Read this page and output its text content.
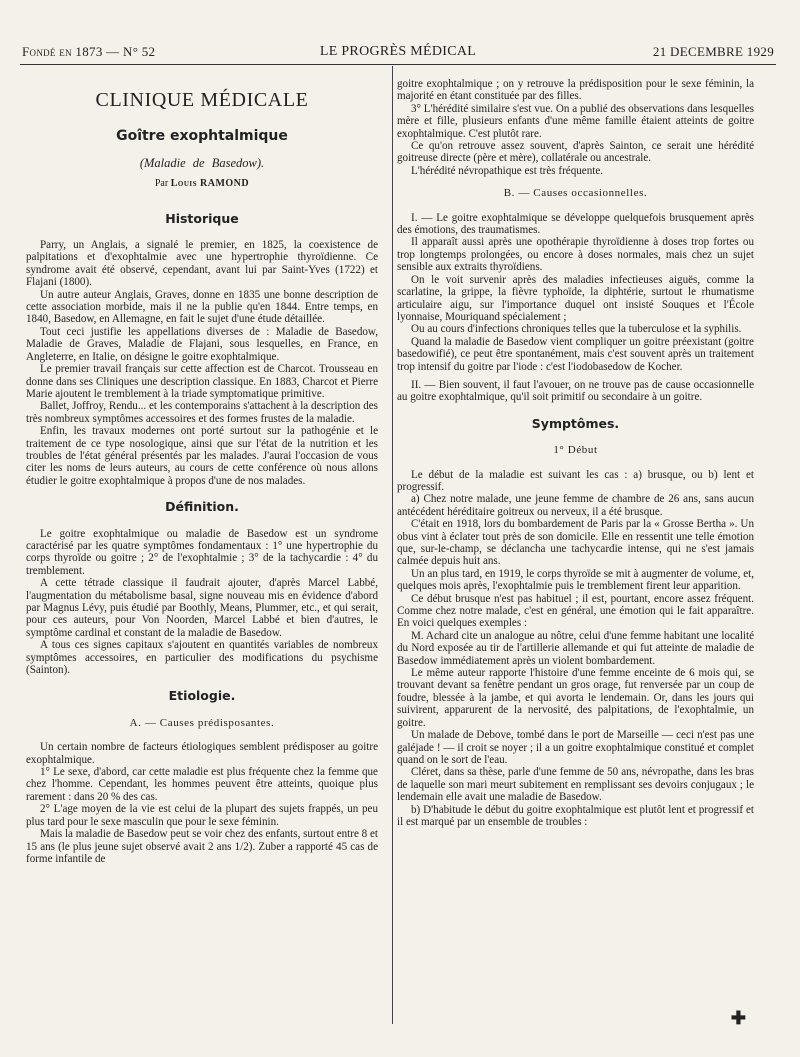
Fondé en 1873 — N° 52	LE PROGRÈS MÉDICAL	21 DECEMBRE 1929
CLINIQUE MÉDICALE
Goître exophtalmique
(Maladie de Basedow).
Par Louis RAMOND
Historique

Parry, un Anglais, a signalé le premier, en 1825, la coexistence de palpitations et d'exophtalmie avec une hypertrophie thyroïdienne. Ce syndrome avait été observé, cependant, avant lui par Saint-Yves (1722) et Flajani (1800).

Un autre auteur Anglais, Graves, donne en 1835 une bonne description de cette association morbide, mais il ne la publie qu'en 1844. Entre temps, en 1840, Basedow, en Allemagne, en fait le sujet d'une étude détaillée.

Tout ceci justifie les appellations diverses de : Maladie de Basedow, Maladie de Graves, Maladie de Flajani, sous lesquelles, en France, en Angleterre, en Italie, on désigne le goitre exophtalmique.

Le premier travail français sur cette affection est de Charcot. Trousseau en donne dans ses Cliniques une description classique. En 1883, Charcot et Pierre Marie ajoutent le tremblement à la triade symptomatique primitive.

Ballet, Joffroy, Rendu... et les contemporains s'attachent à la description des très nombreux symptômes accessoires et des formes frustes de la maladie.

Enfin, les travaux modernes ont porté surtout sur la pathogénie et le traitement de ce type nosologique, ainsi que sur l'état de la nutrition et les troubles de l'état général présentés par les malades. J'aurai l'occasion de vous citer les noms de leurs auteurs, au cours de cette conférence où nous allons étudier le goitre exophtalmique à propos d'une de nos malades.

Définition.

Le goitre exophtalmique ou maladie de Basedow est un syndrome caractérisé par les quatre symptômes fondamentaux : 1° une hypertrophie du corps thyroïde ou goitre ; 2° de l'exophtalmie ; 3° de la tachycardie : 4° du tremblement.

A cette tétrade classique il faudrait ajouter, d'après Marcel Labbé, l'augmentation du métabolisme basal, signe nouveau mis en évidence d'abord par Magnus Lévy, puis étudié par Boothly, Means, Plummer, etc., et qui serait, pour ces auteurs, pour Von Noorden, Marcel Labbé et bien d'autres, le symptôme cardinal et constant de la maladie de Basedow.

A tous ces signes capitaux s'ajoutent en quantités variables de nombreux symptômes accessoires, en particulier des modifications du psychisme (Sainton).

Etiologie.
A. — Causes prédisposantes.

Un certain nombre de facteurs étiologiques semblent prédisposer au goitre exophtalmique.

1° Le sexe, d'abord, car cette maladie est plus fréquente chez la femme que chez l'homme. Cependant, les hommes peuvent être atteints, quoique plus rarement : dans 20 % des cas.

2° L'age moyen de la vie est celui de la plupart des sujets frappés, un peu plus tard pour le sexe masculin que pour le sexe féminin.

Mais la maladie de Basedow peut se voir chez des enfants, surtout entre 8 et 15 ans (le plus jeune sujet observé avait 2 ans 1/2). Zuber a rapporté 45 cas de forme infantile de

goitre exophtalmique ; on y retrouve la prédisposition pour le sexe féminin, la majorité en étant constituée par des filles.

3° L'hérédité similaire s'est vue. On a publié des observations dans lesquelles mère et fille, plusieurs enfants d'une même famille étaient atteints de goitre exophtalmique. C'est plutôt rare.

Ce qu'on retrouve assez souvent, d'après Sainton, ce serait une hérédité goitreuse directe (père et mère), collatérale ou ancestrale.

L'hérédité névropathique est très fréquente.

B. — Causes occasionnelles.

I. — Le goitre exophtalmique se développe quelquefois brusquement après des émotions, des traumatismes.

Il apparaît aussi après une opothérapie thyroïdienne à doses trop fortes ou trop longtemps prolongées, ou encore à doses normales, mais chez un sujet sensible aux extraits thyroïdiens.

On le voit survenir après des maladies infectieuses aiguës, comme la scarlatine, la grippe, la fièvre typhoïde, la diphtérie, surtout le rhumatisme articulaire aigu, sur l'importance duquel ont insisté Souques et l'École lyonnaise, Mouriquand spécialement ;

Ou au cours d'infections chroniques telles que la tuberculose et la syphilis.

Quand la maladie de Basedow vient compliquer un goitre préexistant (goitre basedowifié), ce peut être spontanément, mais c'est souvent après un traitement trop intensif du goitre par l'iode : c'est l'iodobasedow de Kocher.

II. — Bien souvent, il faut l'avouer, on ne trouve pas de cause occasionnelle au goitre exophtalmique, qu'il soit primitif ou secondaire à un goitre.

Symptômes.
1° Début

Le début de la maladie est suivant les cas : a) brusque, ou b) lent et progressif.

a) Chez notre malade, une jeune femme de chambre de 26 ans, sans aucun antécédent héréditaire goitreux ou nerveux, il a été brusque.

C'était en 1918, lors du bombardement de Paris par la « Grosse Bertha ». Un obus vint à éclater tout près de son domicile. Elle en ressentit une telle émotion que, sur-le-champ, se déclancha une tachycardie intense, qui ne s'est jamais calmée depuis huit ans.

Un an plus tard, en 1919, le corps thyroïde se mit à augmenter de volume, et, quelques mois après, l'exophtalmie puis le tremblement firent leur apparition.

Ce début brusque n'est pas habituel ; il est, pourtant, encore assez fréquent. Comme chez notre malade, c'est en général, une émotion qui le fait apparaître. En voici quelques exemples :

M. Achard cite un analogue au nôtre, celui d'une femme habitant une localité du Nord exposée au tir de l'artillerie allemande et qui fut atteinte de maladie de Basedow immédiatement après un violent bombardement.

Le même auteur rapporte l'histoire d'une femme enceinte de 6 mois qui, se trouvant devant sa fenêtre pendant un gros orage, fut renversée par un coup de foudre, blessée à la jambe, et qui avorta le lendemain. Or, dans les jours qui suivirent, apparurent de la nervosité, des palpitations, de l'exophtalmie, un goitre.

Un malade de Debove, tombé dans le port de Marseille — ceci n'est pas une galéjade ! — il croit se noyer ; il a un goitre exophtalmique constitué et complet quand on le sort de l'eau.

Cléret, dans sa thèse, parle d'une femme de 50 ans, névropathe, dans les bras de laquelle son mari meurt subitement en remplissant ses devoirs conjugaux ; le lendemain elle avait une maladie de Basedow.

b) D'habitude le début du goitre exophtalmique est plutôt lent et progressif et il est marqué par un ensemble de troubles :

✚
